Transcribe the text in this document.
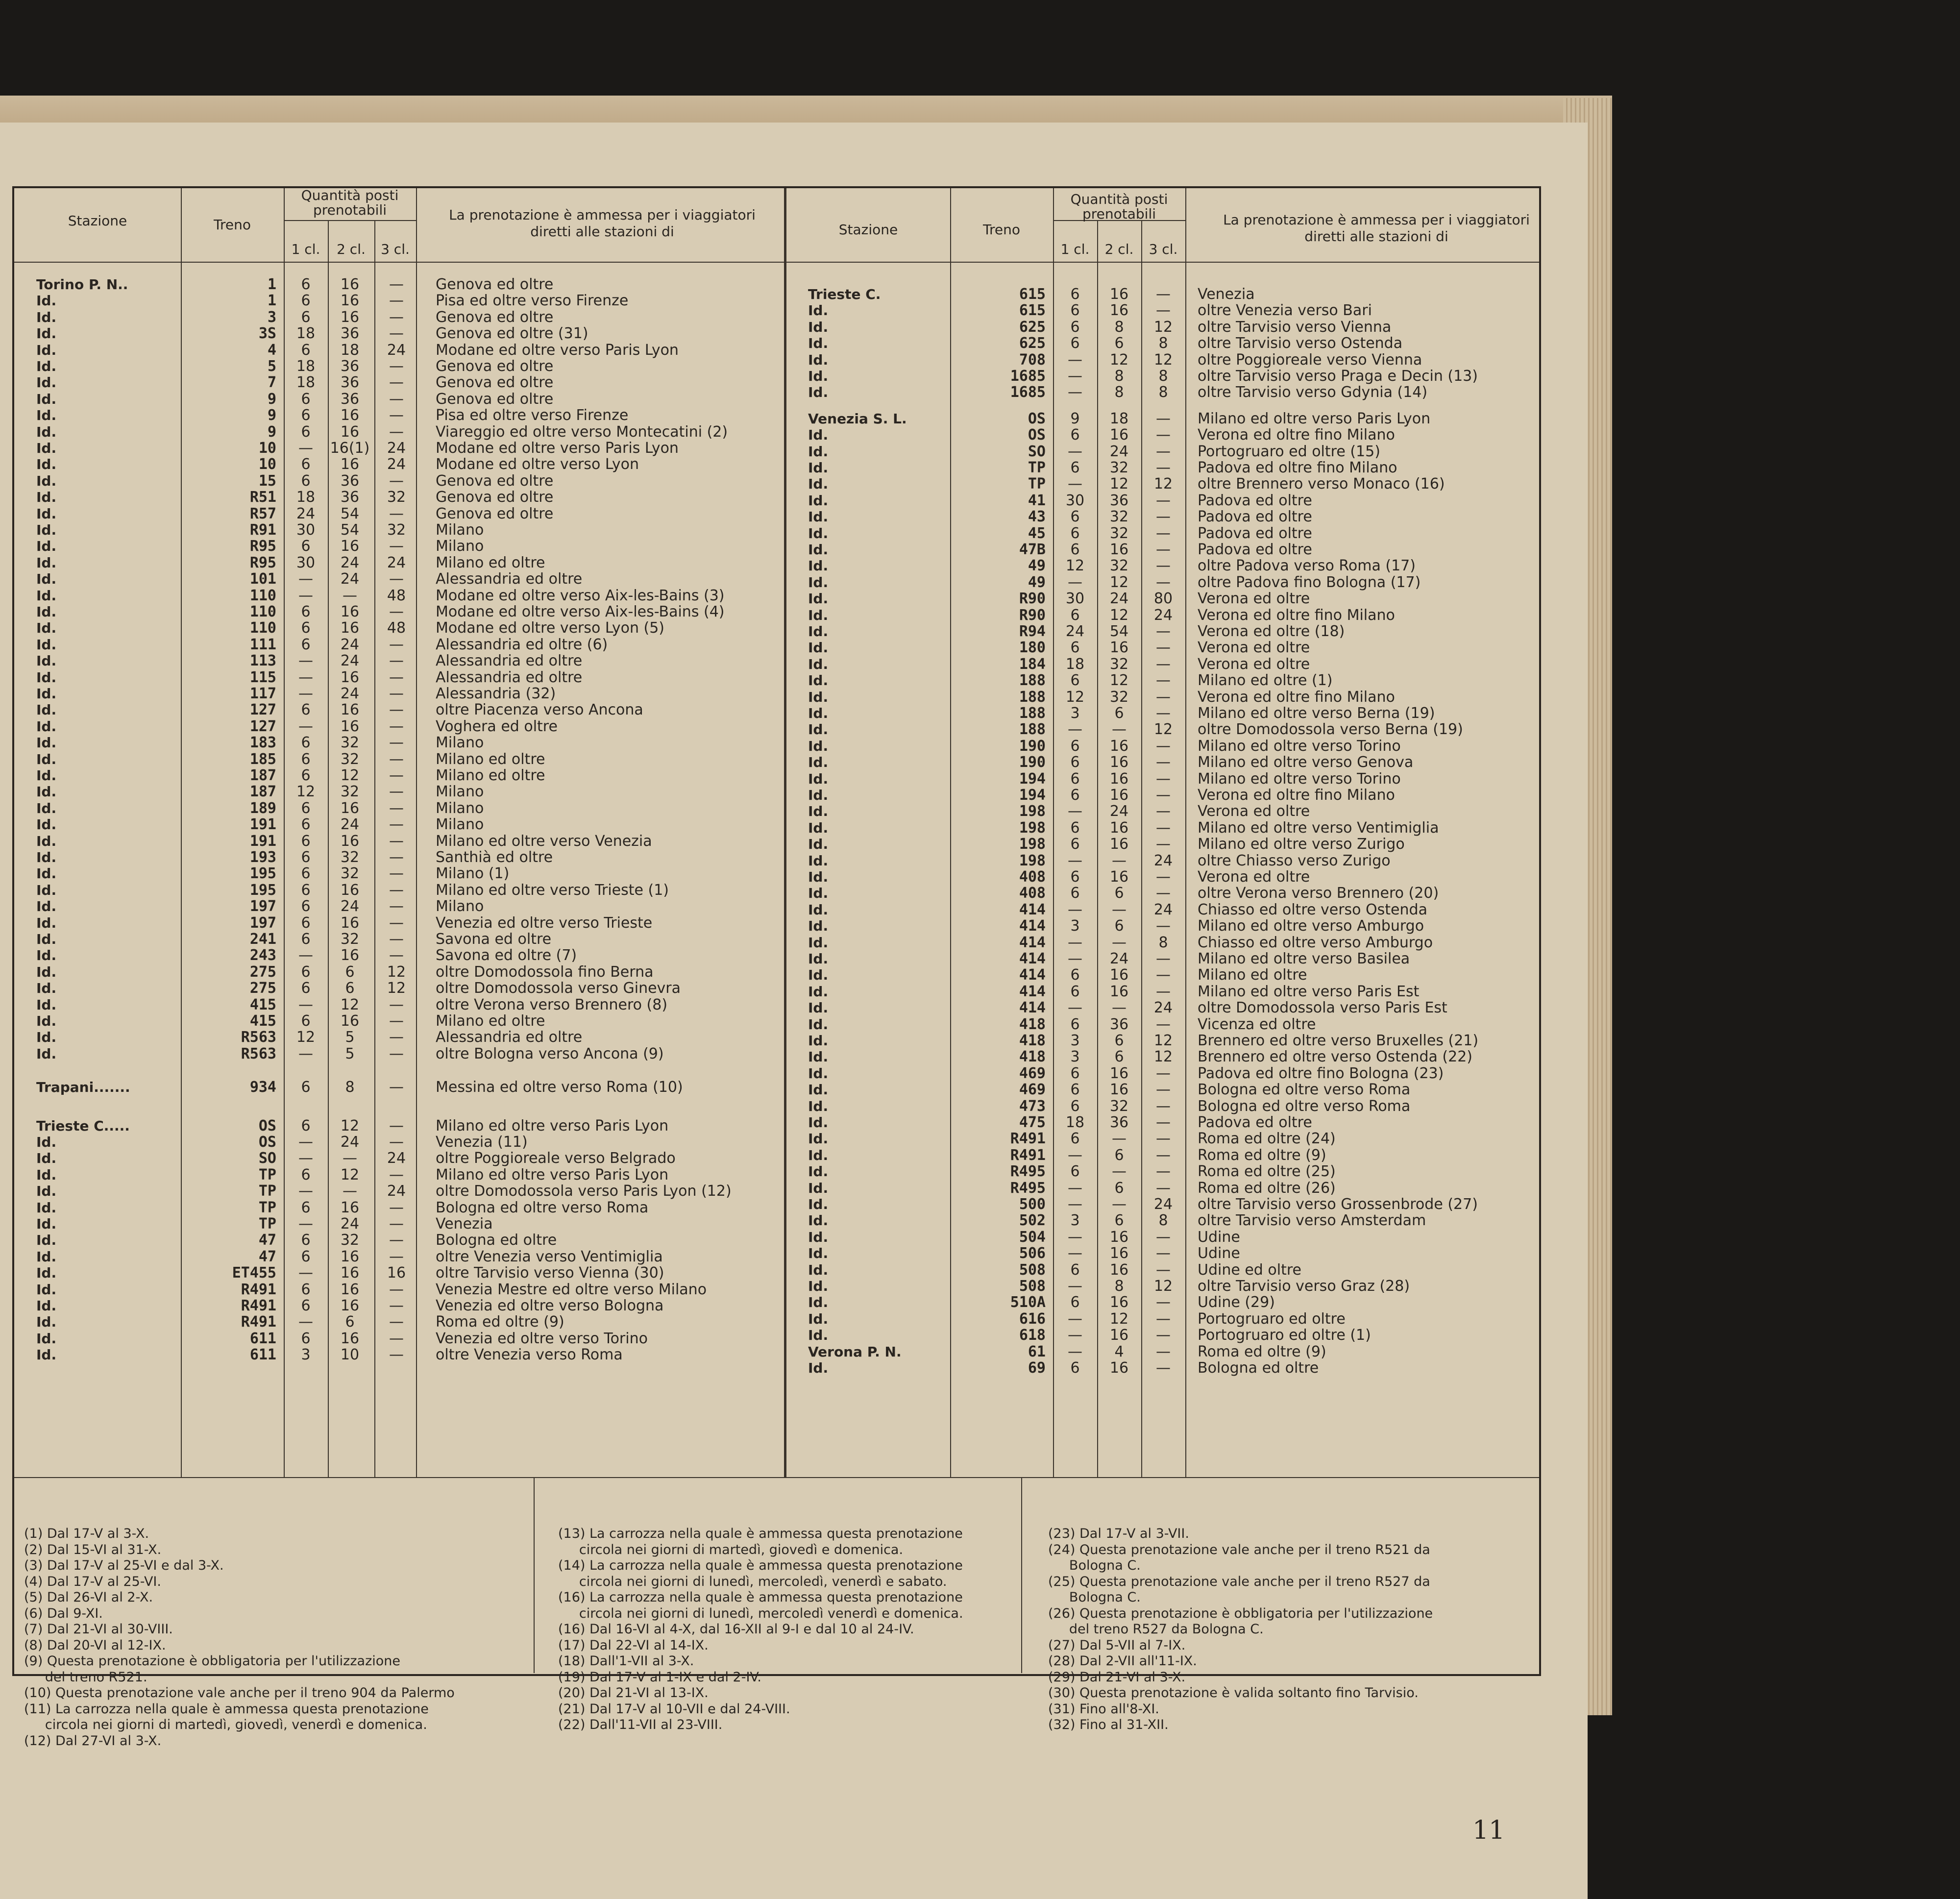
Stazione	Treno
Quantità posti prenotabili
1 cl.	2 cl.	3 cl.
La prenotazione è ammessa per i viaggiatori diretti alle stazioni di	Stazione	Treno
Quantità posti prenotabili
1 cl.	2 cl.	3 cl.
La prenotazione è ammessa per i viaggiatori diretti alle stazioni di
Torino P. N..	1	6	16	—	Genova ed oltre
Id.	1	6	16	—	Pisa ed oltre verso Firenze
Id.	3	6	16	—	Genova ed oltre
Id.	3S	18	36	—	Genova ed oltre (31)
Id.	4	6	18	24	Modane ed oltre verso Paris Lyon
Id.	5	18	36	—	Genova ed oltre
Id.	7	18	36	—	Genova ed oltre
Id.	9	6	36	—	Genova ed oltre
Id.	9	6	16	—	Pisa ed oltre verso Firenze
Id.	9	6	16	—	Viareggio ed oltre verso Montecatini (2)
Id.	10	—	16(1)	24	Modane ed oltre verso Paris Lyon
Id.	10	6	16	24	Modane ed oltre verso Lyon
Id.	15	6	36	—	Genova ed oltre
Id.	R51	18	36	32	Genova ed oltre
Id.	R57	24	54	—	Genova ed oltre
Id.	R91	30	54	32	Milano
Id.	R95	6	16	—	Milano
Id.	R95	30	24	24	Milano ed oltre
Id.	101	—	24	—	Alessandria ed oltre
Id.	110	—	—	48	Modane ed oltre verso Aix-les-Bains (3)
Id.	110	6	16	—	Modane ed oltre verso Aix-les-Bains (4)
Id.	110	6	16	48	Modane ed oltre verso Lyon (5)
Id.	111	6	24	—	Alessandria ed oltre (6)
Id.	113	—	24	—	Alessandria ed oltre
Id.	115	—	16	—	Alessandria ed oltre
Id.	117	—	24	—	Alessandria (32)
Id.	127	6	16	—	oltre Piacenza verso Ancona
Id.	127	—	16	—	Voghera ed oltre
Id.	183	6	32	—	Milano
Id.	185	6	32	—	Milano ed oltre
Id.	187	6	12	—	Milano ed oltre
Id.	187	12	32	—	Milano
Id.	189	6	16	—	Milano
Id.	191	6	24	—	Milano
Id.	191	6	16	—	Milano ed oltre verso Venezia
Id.	193	6	32	—	Santhià ed oltre
Id.	195	6	32	—	Milano (1)
Id.	195	6	16	—	Milano ed oltre verso Trieste (1)
Id.	197	6	24	—	Milano
Id.	197	6	16	—	Venezia ed oltre verso Trieste
Id.	241	6	32	—	Savona ed oltre
Id.	243	—	16	—	Savona ed oltre (7)
Id.	275	6	6	12	oltre Domodossola fino Berna
Id.	275	6	6	12	oltre Domodossola verso Ginevra
Id.	415	—	12	—	oltre Verona verso Brennero (8)
Id.	415	6	16	—	Milano ed oltre
Id.	R563	12	5	—	Alessandria ed oltre
Id.	R563	—	5	—	oltre Bologna verso Ancona (9)
Trapani.......	934	6	8	—	Messina ed oltre verso Roma (10)
Trieste C.....	OS	6	12	—	Milano ed oltre verso Paris Lyon
Id.	OS	—	24	—	Venezia (11)
Id.	SO	—	—	24	oltre Poggioreale verso Belgrado
Id.	TP	6	12	—	Milano ed oltre verso Paris Lyon
Id.	TP	—	—	24	oltre Domodossola verso Paris Lyon (12)
Id.	TP	6	16	—	Bologna ed oltre verso Roma
Id.	TP	—	24	—	Venezia
Id.	47	6	32	—	Bologna ed oltre
Id.	47	6	16	—	oltre Venezia verso Ventimiglia
Id.	ET455	—	16	16	oltre Tarvisio verso Vienna (30)
Id.	R491	6	16	—	Venezia Mestre ed oltre verso Milano
Id.	R491	6	16	—	Venezia ed oltre verso Bologna
Id.	R491	—	6	—	Roma ed oltre (9)
Id.	611	6	16	—	Venezia ed oltre verso Torino
Id.	611	3	10	—	oltre Venezia verso Roma
Trieste C.	615	6	16	—	Venezia
Id.	615	6	16	—	oltre Venezia verso Bari
Id.	625	6	8	12	oltre Tarvisio verso Vienna
Id.	625	6	6	8	oltre Tarvisio verso Ostenda
Id.	708	—	12	12	oltre Poggioreale verso Vienna
Id.	1685	—	8	8	oltre Tarvisio verso Praga e Decin (13)
Id.	1685	—	8	8	oltre Tarvisio verso Gdynia (14)
Venezia S. L.	OS	9	18	—	Milano ed oltre verso Paris Lyon
Id.	OS	6	16	—	Verona ed oltre fino Milano
Id.	SO	—	24	—	Portogruaro ed oltre (15)
Id.	TP	6	32	—	Padova ed oltre fino Milano
Id.	TP	—	12	12	oltre Brennero verso Monaco (16)
Id.	41	30	36	—	Padova ed oltre
Id.	43	6	32	—	Padova ed oltre
Id.	45	6	32	—	Padova ed oltre
Id.	47B	6	16	—	Padova ed oltre
Id.	49	12	32	—	oltre Padova verso Roma (17)
Id.	49	—	12	—	oltre Padova fino Bologna (17)
Id.	R90	30	24	80	Verona ed oltre
Id.	R90	6	12	24	Verona ed oltre fino Milano
Id.	R94	24	54	—	Verona ed oltre (18)
Id.	180	6	16	—	Verona ed oltre
Id.	184	18	32	—	Verona ed oltre
Id.	188	6	12	—	Milano ed oltre (1)
Id.	188	12	32	—	Verona ed oltre fino Milano
Id.	188	3	6	—	Milano ed oltre verso Berna (19)
Id.	188	—	—	12	oltre Domodossola verso Berna (19)
Id.	190	6	16	—	Milano ed oltre verso Torino
Id.	190	6	16	—	Milano ed oltre verso Genova
Id.	194	6	16	—	Milano ed oltre verso Torino
Id.	194	6	16	—	Verona ed oltre fino Milano
Id.	198	—	24	—	Verona ed oltre
Id.	198	6	16	—	Milano ed oltre verso Ventimiglia
Id.	198	6	16	—	Milano ed oltre verso Zurigo
Id.	198	—	—	24	oltre Chiasso verso Zurigo
Id.	408	6	16	—	Verona ed oltre
Id.	408	6	6	—	oltre Verona verso Brennero (20)
Id.	414	—	—	24	Chiasso ed oltre verso Ostenda
Id.	414	3	6	—	Milano ed oltre verso Amburgo
Id.	414	—	—	8	Chiasso ed oltre verso Amburgo
Id.	414	—	24	—	Milano ed oltre verso Basilea
Id.	414	6	16	—	Milano ed oltre
Id.	414	6	16	—	Milano ed oltre verso Paris Est
Id.	414	—	—	24	oltre Domodossola verso Paris Est
Id.	418	6	36	—	Vicenza ed oltre
Id.	418	3	6	12	Brennero ed oltre verso Bruxelles (21)
Id.	418	3	6	12	Brennero ed oltre verso Ostenda (22)
Id.	469	6	16	—	Padova ed oltre fino Bologna (23)
Id.	469	6	16	—	Bologna ed oltre verso Roma
Id.	473	6	32	—	Bologna ed oltre verso Roma
Id.	475	18	36	—	Padova ed oltre
Id.	R491	6	—	—	Roma ed oltre (24)
Id.	R491	—	6	—	Roma ed oltre (9)
Id.	R495	6	—	—	Roma ed oltre (25)
Id.	R495	—	6	—	Roma ed oltre (26)
Id.	500	—	—	24	oltre Tarvisio verso Grossenbrode (27)
Id.	502	3	6	8	oltre Tarvisio verso Amsterdam
Id.	504	—	16	—	Udine
Id.	506	—	16	—	Udine
Id.	508	6	16	—	Udine ed oltre
Id.	508	—	8	12	oltre Tarvisio verso Graz (28)
Id.	510A	6	16	—	Udine (29)
Id.	616	—	12	—	Portogruaro ed oltre
Id.	618	—	16	—	Portogruaro ed oltre (1)
Verona P. N.	61	—	4	—	Roma ed oltre (9)
Id.	69	6	16	—	Bologna ed oltre
(1) Dal 17-V al 3-X.
(2) Dal 15-VI al 31-X.
(3) Dal 17-V al 25-VI e dal 3-X.
(4) Dal 17-V al 25-VI.
(5) Dal 26-VI al 2-X.
(6) Dal 9-XI.
(7) Dal 21-VI al 30-VIII.
(8) Dal 20-VI al 12-IX.
(9) Questa prenotazione è obbligatoria per l'utilizzazione
del treno R521.
(10) Questa prenotazione vale anche per il treno 904 da Palermo
(11) La carrozza nella quale è ammessa questa prenotazione
circola nei giorni di martedì, giovedì, venerdì e domenica.
(12) Dal 27-VI al 3-X.
(13) La carrozza nella quale è ammessa questa prenotazione
circola nei giorni di martedì, giovedì e domenica.
(14) La carrozza nella quale è ammessa questa prenotazione
circola nei giorni di lunedì, mercoledì, venerdì e sabato.
(16) La carrozza nella quale è ammessa questa prenotazione
circola nei giorni di lunedì, mercoledì venerdì e domenica.
(16) Dal 16-VI al 4-X, dal 16-XII al 9-I e dal 10 al 24-IV.
(17) Dal 22-VI al 14-IX.
(18) Dall'1-VII al 3-X.
(19) Dal 17-V al 1-IX e dal 2-IV.
(20) Dal 21-VI al 13-IX.
(21) Dal 17-V al 10-VII e dal 24-VIII.
(22) Dall'11-VII al 23-VIII.
(23) Dal 17-V al 3-VII.
(24) Questa prenotazione vale anche per il treno R521 da
Bologna C.
(25) Questa prenotazione vale anche per il treno R527 da
Bologna C.
(26) Questa prenotazione è obbligatoria per l'utilizzazione
del treno R527 da Bologna C.
(27) Dal 5-VII al 7-IX.
(28) Dal 2-VII all'11-IX.
(29) Dal 21-VI al 3-X.
(30) Questa prenotazione è valida soltanto fino Tarvisio.
(31) Fino all'8-XI.
(32) Fino al 31-XII.
11
